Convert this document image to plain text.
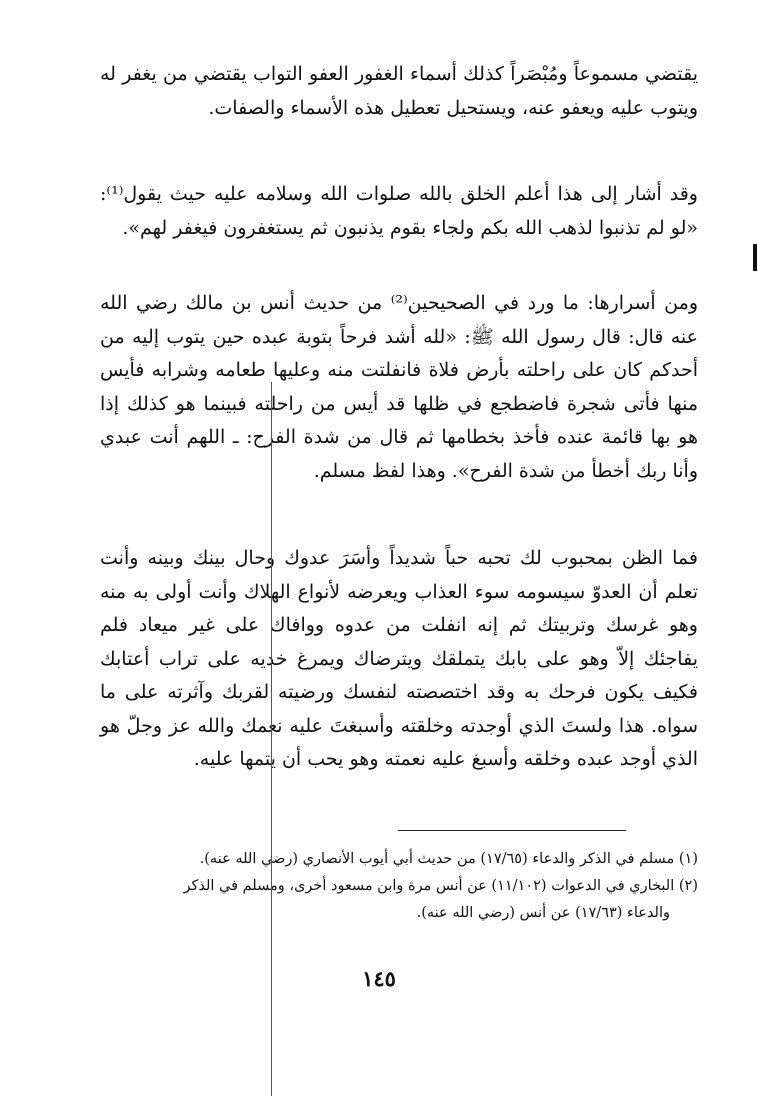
يقتضي مسموعاً ومُبْصَراً كذلك أسماء الغفور العفو التواب يقتضي من يغفر له ويتوب عليه ويعفو عنه، ويستحيل تعطيل هذه الأسماء والصفات.

وقد أشار إلى هذا أعلم الخلق بالله صلوات الله وسلامه عليه حيث يقول⁽¹⁾: «لو لم تذنبوا لذهب الله بكم ولجاء بقوم يذنبون ثم يستغفرون فيغفر لهم».

ومن أسرارها: ما ورد في الصحيحين⁽²⁾ من حديث أنس بن مالك رضي الله عنه قال: قال رسول الله ﷺ: «لله أشد فرحاً بتوبة عبده حين يتوب إليه من أحدكم كان على راحلته بأرض فلاة فانفلتت منه وعليها طعامه وشرابه فأيس منها فأتى شجرة فاضطجع في ظلها قد أيس من راحلته فبينما هو كذلك إذا هو بها قائمة عنده فأخذ بخطامها ثم قال من شدة الفرح: ـ اللهم أنت عبدي وأنا ربك أخطأ من شدة الفرح». وهذا لفظ مسلم.

فما الظن بمحبوب لك تحبه حباً شديداً وأسَرَ عدوك وحال بينك وبينه وأنت تعلم أن العدوّ سيسومه سوء العذاب ويعرضه لأنواع الهلاك وأنت أولى به منه وهو غرسك وتربيتك ثم إنه انفلت من عدوه ووافاك على غير ميعاد فلم يفاجئك إلاّ وهو على بابك يتملقك ويترضاك ويمرغ خديه على تراب أعتابك فكيف يكون فرحك به وقد اختصصته لنفسك ورضيته لقربك وآثرته على ما سواه. هذا ولستَ الذي أوجدته وخلقته وأسبغتَ عليه نعمك والله عز وجلّ هو الذي أوجد عبده وخلقه وأسبغ عليه نعمته وهو يحب أن يتمها عليه.

(١) مسلم في الذكر والدعاء (١٧/٦٥) من حديث أبي أيوب الأنصاري (رضي الله عنه).

(٢) البخاري في الدعوات (١١/١٠٢) عن أنس مرة وابن مسعود أخرى، ومسلم في الذكر

والدعاء (١٧/٦٣) عن أنس (رضي الله عنه).

١٤٥
